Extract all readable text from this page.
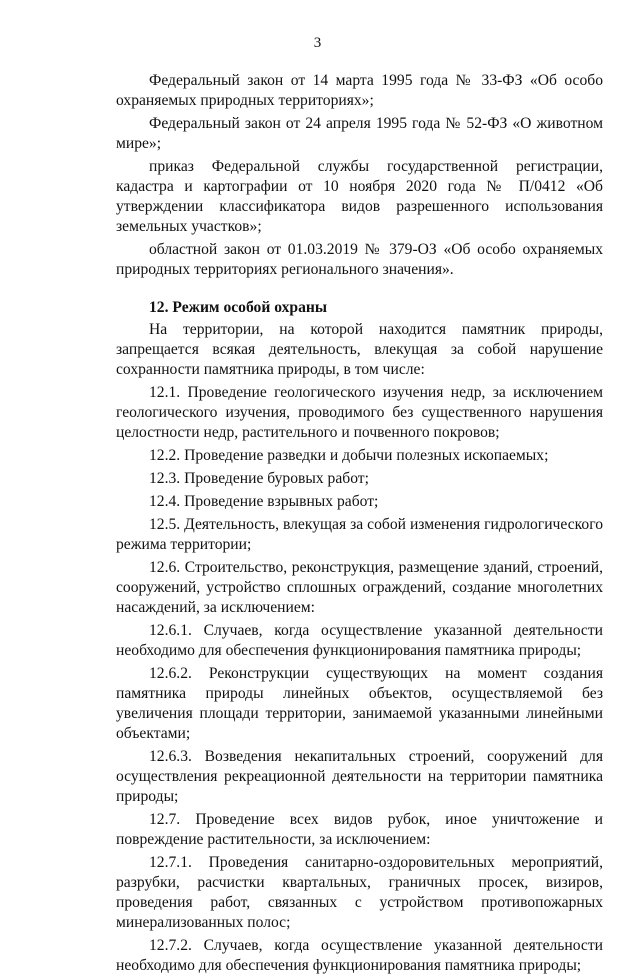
3

Федеральный закон от 14 марта 1995 года № 33-ФЗ «Об особо охраняемых природных территориях»;

Федеральный закон от 24 апреля 1995 года № 52-ФЗ «О животном мире»;

приказ Федеральной службы государственной регистрации, кадастра и картографии от 10 ноября 2020 года № П/0412 «Об утверждении классификатора видов разрешенного использования земельных участков»;

областной закон от 01.03.2019 № 379-ОЗ «Об особо охраняемых природных территориях регионального значения».

12. Режим особой охраны

На территории, на которой находится памятник природы, запрещается всякая деятельность, влекущая за собой нарушение сохранности памятника природы, в том числе:

12.1. Проведение геологического изучения недр, за исключением геологического изучения, проводимого без существенного нарушения целостности недр, растительного и почвенного покровов;

12.2. Проведение разведки и добычи полезных ископаемых;

12.3. Проведение буровых работ;

12.4. Проведение взрывных работ;

12.5. Деятельность, влекущая за собой изменения гидрологического режима территории;

12.6. Строительство, реконструкция, размещение зданий, строений, сооружений, устройство сплошных ограждений, создание многолетних насаждений, за исключением:

12.6.1. Случаев, когда осуществление указанной деятельности необходимо для обеспечения функционирования памятника природы;

12.6.2. Реконструкции существующих на момент создания памятника природы линейных объектов, осуществляемой без увеличения площади территории, занимаемой указанными линейными объектами;

12.6.3. Возведения некапитальных строений, сооружений для осуществления рекреационной деятельности на территории памятника природы;

12.7. Проведение всех видов рубок, иное уничтожение и повреждение растительности, за исключением:

12.7.1. Проведения санитарно-оздоровительных мероприятий, разрубки, расчистки квартальных, граничных просек, визиров, проведения работ, связанных с устройством противопожарных минерализованных полос;

12.7.2. Случаев, когда осуществление указанной деятельности необходимо для обеспечения функционирования памятника природы;
